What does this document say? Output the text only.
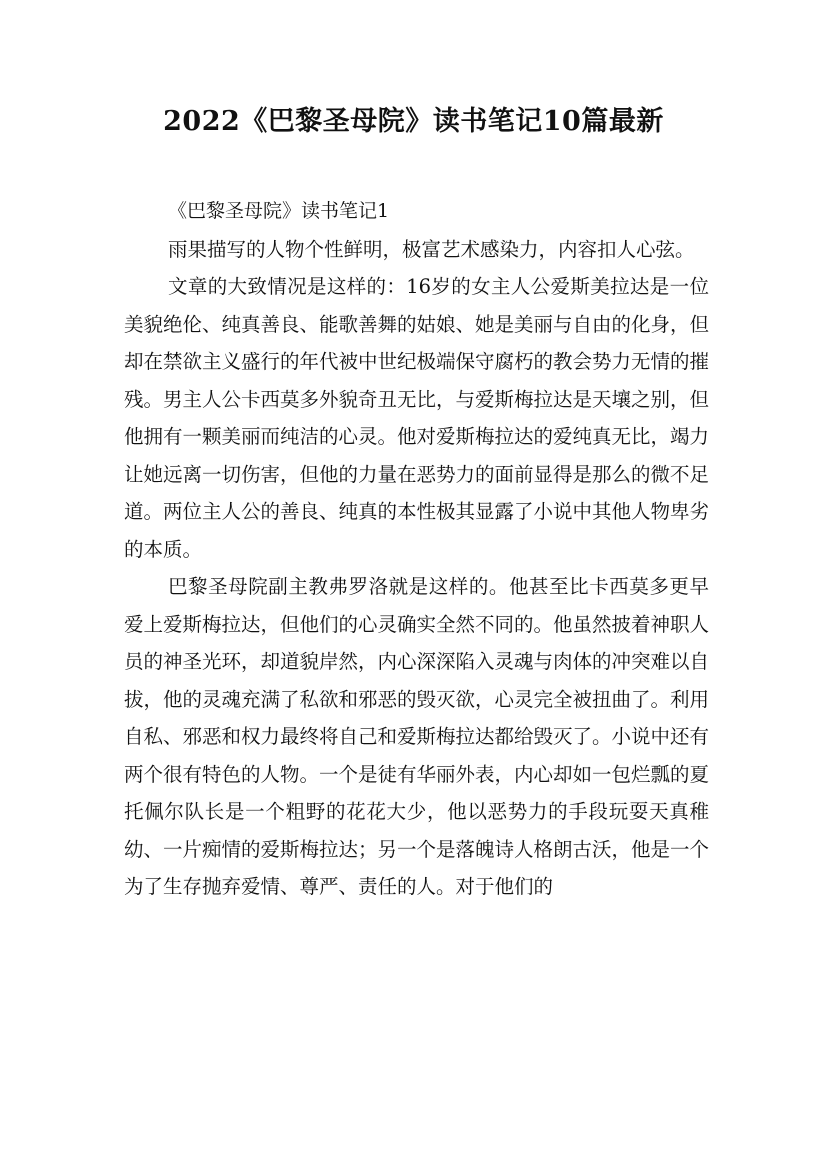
2022《巴黎圣母院》读书笔记10篇最新

《巴黎圣母院》读书笔记1

雨果描写的人物个性鲜明，极富艺术感染力，内容扣人心弦。

文章的大致情况是这样的：16岁的女主人公爱斯美拉达是一位美貌绝伦、纯真善良、能歌善舞的姑娘、她是美丽与自由的化身，但却在禁欲主义盛行的年代被中世纪极端保守腐朽的教会势力无情的摧残。男主人公卡西莫多外貌奇丑无比，与爱斯梅拉达是天壤之别，但他拥有一颗美丽而纯洁的心灵。他对爱斯梅拉达的爱纯真无比，竭力让她远离一切伤害，但他的力量在恶势力的面前显得是那么的微不足道。两位主人公的善良、纯真的本性极其显露了小说中其他人物卑劣的本质。

巴黎圣母院副主教弗罗洛就是这样的。他甚至比卡西莫多更早爱上爱斯梅拉达，但他们的心灵确实全然不同的。他虽然披着神职人员的神圣光环，却道貌岸然，内心深深陷入灵魂与肉体的冲突难以自拔，他的灵魂充满了私欲和邪恶的毁灭欲，心灵完全被扭曲了。利用自私、邪恶和权力最终将自己和爱斯梅拉达都给毁灭了。小说中还有两个很有特色的人物。一个是徒有华丽外表，内心却如一包烂瓢的夏托佩尔队长是一个粗野的花花大少，他以恶势力的手段玩耍天真稚幼、一片痴情的爱斯梅拉达；另一个是落魄诗人格朗古沃，他是一个为了生存抛弃爱情、尊严、责任的人。对于他们的
